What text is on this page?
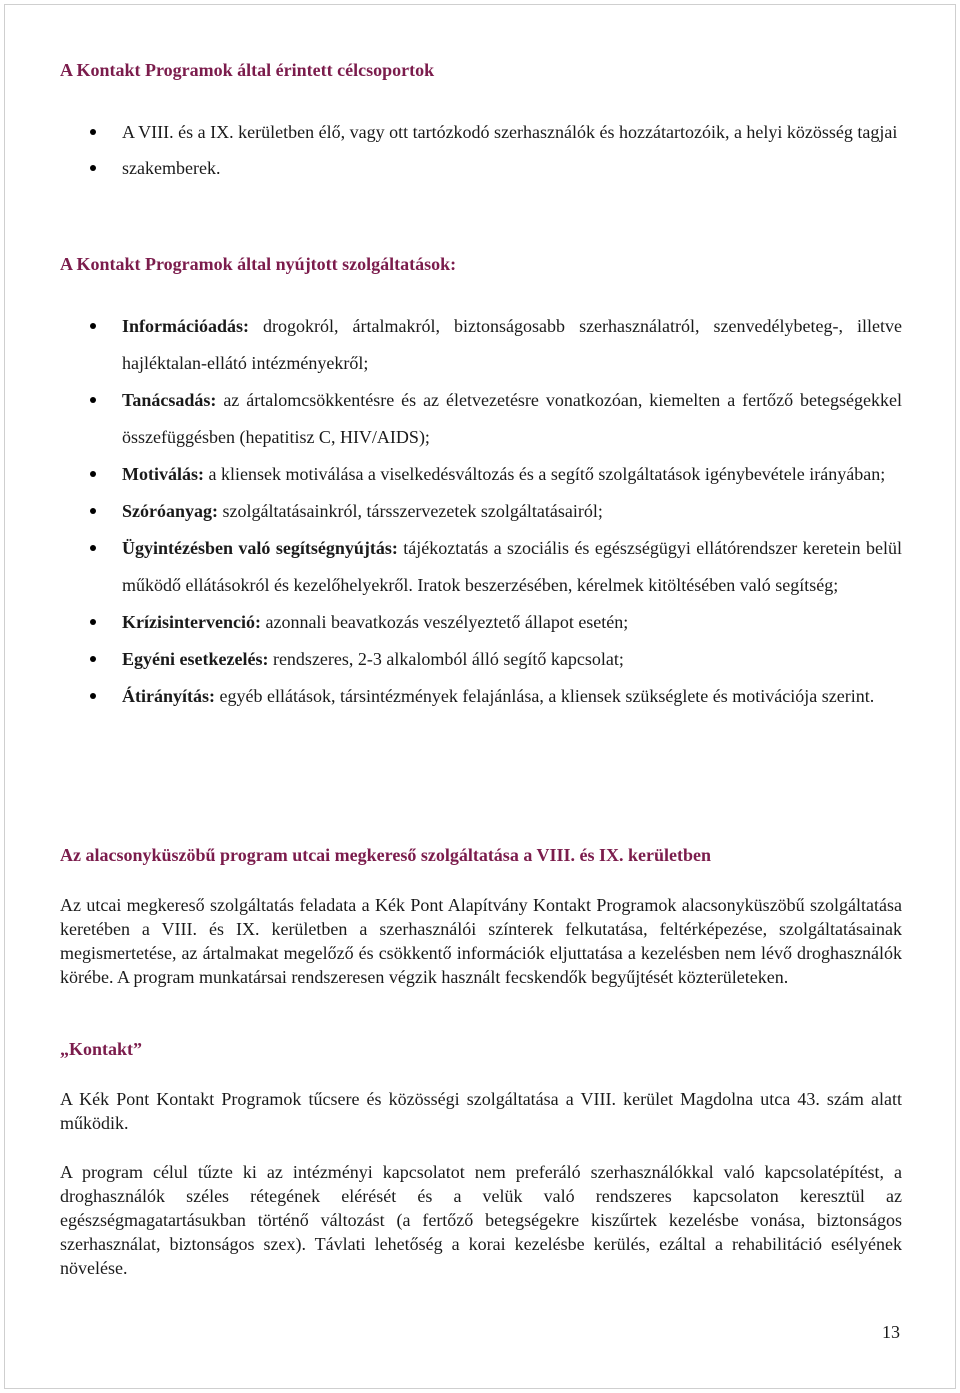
A Kontakt Programok által érintett célcsoportok
A VIII. és a IX. kerületben élő, vagy ott tartózkodó szerhasználók és hozzátartozóik, a helyi közösség tagjai
szakemberek.
A Kontakt Programok által nyújtott szolgáltatások:
Információadás: drogokról, ártalmakról, biztonságosabb szerhasználatról, szenvedélybeteg-, illetve hajléktalan-ellátó intézményekről;
Tanácsadás: az ártalomcsökkentésre és az életvezetésre vonatkozóan, kiemelten a fertőző betegségekkel összefüggésben (hepatitisz C, HIV/AIDS);
Motiválás: a kliensek motiválása a viselkedésváltozás és a segítő szolgáltatások igénybevétele irányában;
Szóróanyag: szolgáltatásainkról, társszervezetek szolgáltatásairól;
Ügyintézésben való segítségnyújtás: tájékoztatás a szociális és egészségügyi ellátórendszer keretein belül működő ellátásokról és kezelőhelyekről. Iratok beszerzésében, kérelmek kitöltésében való segítség;
Krízisintervenció: azonnali beavatkozás veszélyeztető állapot esetén;
Egyéni esetkezelés: rendszeres, 2-3 alkalomból álló segítő kapcsolat;
Átirányítás: egyéb ellátások, társintézmények felajánlása, a kliensek szükséglete és motivációja szerint.
Az alacsonyküszöbű program utcai megkereső szolgáltatása a VIII. és IX. kerületben

Az utcai megkereső szolgáltatás feladata a Kék Pont Alapítvány Kontakt Programok alacsonyküszöbű szolgáltatása keretében a VIII. és IX. kerületben a szerhasználói színterek felkutatása, feltérképezése, szolgáltatásainak megismertetése, az ártalmakat megelőző és csökkentő információk eljuttatása a kezelésben nem lévő droghasználók körébe. A program munkatársai rendszeresen végzik használt fecskendők begyűjtését közterületeken.

„Kontakt”

A Kék Pont Kontakt Programok tűcsere és közösségi szolgáltatása a VIII. kerület Magdolna utca 43. szám alatt működik.

A program célul tűzte ki az intézményi kapcsolatot nem preferáló szerhasználókkal való kapcsolatépítést, a droghasználók széles rétegének elérését és a velük való rendszeres kapcsolaton keresztül az egészségmagatartásukban történő változást (a fertőző betegségekre kiszűrtek kezelésbe vonása, biztonságos szerhasználat, biztonságos szex). Távlati lehetőség a korai kezelésbe kerülés, ezáltal a rehabilitáció esélyének növelése.

13
